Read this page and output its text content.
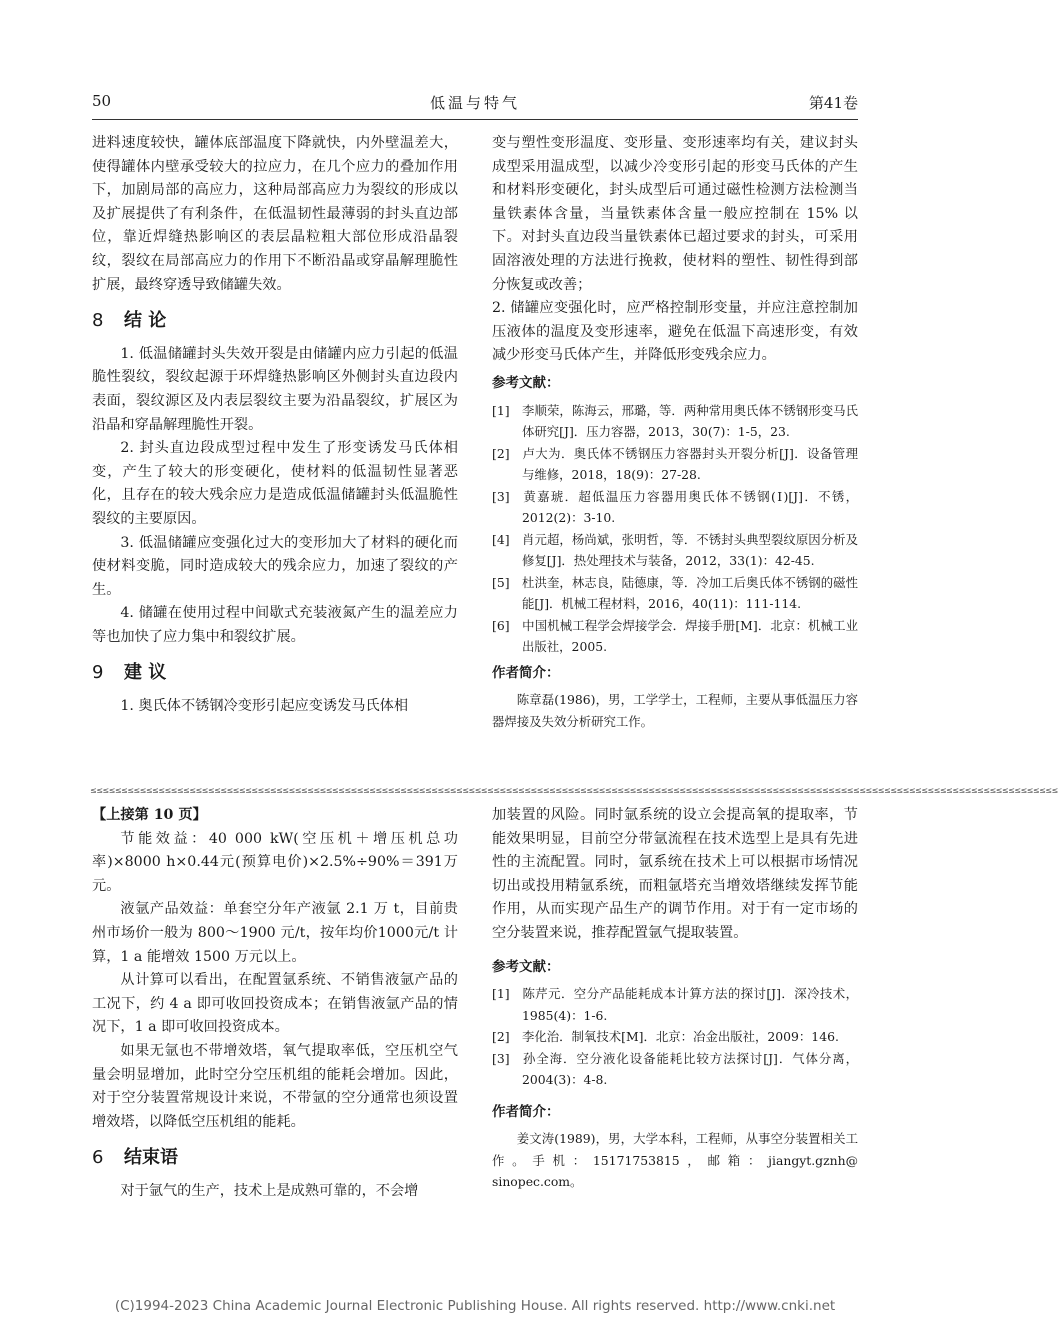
50	低温与特气	第41卷

进料速度较快，罐体底部温度下降就快，内外壁温差大，使得罐体内壁承受较大的拉应力，在几个应力的叠加作用下，加剧局部的高应力，这种局部高应力为裂纹的形成以及扩展提供了有利条件，在低温韧性最薄弱的封头直边部位，靠近焊缝热影响区的表层晶粒粗大部位形成沿晶裂纹，裂纹在局部高应力的作用下不断沿晶或穿晶解理脆性扩展，最终穿透导致储罐失效。

8 结 论

1. 低温储罐封头失效开裂是由储罐内应力引起的低温脆性裂纹，裂纹起源于环焊缝热影响区外侧封头直边段内表面，裂纹源区及内表层裂纹主要为沿晶裂纹，扩展区为沿晶和穿晶解理脆性开裂。

2. 封头直边段成型过程中发生了形变诱发马氏体相变，产生了较大的形变硬化，使材料的低温韧性显著恶化，且存在的较大残余应力是造成低温储罐封头低温脆性裂纹的主要原因。

3. 低温储罐应变强化过大的变形加大了材料的硬化而使材料变脆，同时造成较大的残余应力，加速了裂纹的产生。

4. 储罐在使用过程中间歇式充装液氮产生的温差应力等也加快了应力集中和裂纹扩展。

9 建 议

1. 奥氏体不锈钢冷变形引起应变诱发马氏体相

变与塑性变形温度、变形量、变形速率均有关，建议封头成型采用温成型，以减少冷变形引起的形变马氏体的产生和材料形变硬化，封头成型后可通过磁性检测方法检测当量铁素体含量，当量铁素体含量一般应控制在 15% 以下。对封头直边段当量铁素体已超过要求的封头，可采用固溶液处理的方法进行挽救，使材料的塑性、韧性得到部分恢复或改善；

2. 储罐应变强化时，应严格控制形变量，并应注意控制加压液体的温度及变形速率，避免在低温下高速形变，有效减少形变马氏体产生，并降低形变残余应力。

参考文献：

[1] 李顺荣，陈海云，邢璐，等．两种常用奥氏体不锈钢形变马氏体研究[J]．压力容器，2013，30(7)：1-5，23.

[2] 卢大为．奥氏体不锈钢压力容器封头开裂分析[J]．设备管理与维修，2018，18(9)：27-28.

[3] 黄嘉琥．超低温压力容器用奥氏体不锈钢(Ⅰ)[J]．不锈，2012(2)：3-10.

[4] 肖元超，杨尚斌，张明哲，等．不锈封头典型裂纹原因分析及修复[J]．热处理技术与装备，2012，33(1)：42-45.

[5] 杜洪奎，林志良，陆德康，等．冷加工后奥氏体不锈钢的磁性能[J]．机械工程材料，2016，40(11)：111-114.

[6] 中国机械工程学会焊接学会．焊接手册[M]．北京：机械工业出版社，2005.

作者简介：

陈章磊(1986)，男，工学学士，工程师，主要从事低温压力容器焊接及失效分析研究工作。

≤≤≤≤≤≤≤≤≤≤≤≤≤≤≤≤≤≤≤≤≤≤≤≤≤≤≤≤≤≤≤≤≤≤≤≤≤≤≤≤≤≤≤≤≤≤≤≤≤≤≤≤≤≤≤≤≤≤≤≤≤≤≤≤≤≤≤≤≤≤≤≤≤≤≤≤≤≤≤≤≤≤≤≤≤≤≤≤≤≤≤≤≤≤≤≤≤≤≤≤≤≤≤≤≤≤≤≤≤≤≤≤≤≤≤≤≤≤≤≤≤≤≤≤≤≤≤≤≤≤≤≤≤≤≤≤≤≤≤≤≤≤≤≤≤≤≤≤≤≤≤≤≤≤≤≤

【上接第 10 页】

节能效益：40 000 kW(空压机＋增压机总功率)×8000 h×0.44元(预算电价)×2.5%÷90%＝391万元。

液氩产品效益：单套空分年产液氩 2.1 万 t，目前贵州市场价一般为 800～1900 元/t，按年均价1000元/t 计算，1 a 能增效 1500 万元以上。

从计算可以看出，在配置氩系统、不销售液氩产品的工况下，约 4 a 即可收回投资成本；在销售液氩产品的情况下，1 a 即可收回投资成本。

如果无氩也不带增效塔，氧气提取率低，空压机空气量会明显增加，此时空分空压机组的能耗会增加。因此，对于空分装置常规设计来说，不带氩的空分通常也须设置增效塔，以降低空压机组的能耗。

6 结束语

对于氩气的生产，技术上是成熟可靠的，不会增

加装置的风险。同时氩系统的设立会提高氧的提取率，节能效果明显，目前空分带氩流程在技术选型上是具有先进性的主流配置。同时，氩系统在技术上可以根据市场情况切出或投用精氩系统，而粗氩塔充当增效塔继续发挥节能作用，从而实现产品生产的调节作用。对于有一定市场的空分装置来说，推荐配置氩气提取装置。

参考文献：

[1] 陈芹元．空分产品能耗成本计算方法的探讨[J]．深冷技术，1985(4)：1-6.

[2] 李化治．制氧技术[M]．北京：冶金出版社，2009：146.

[3] 孙全海．空分液化设备能耗比较方法探讨[J]．气体分离，2004(3)：4-8.

作者简介：

姜文涛(1989)，男，大学本科，工程师，从事空分装置相关工作。手机：15171753815，邮箱：jiangyt.gznh@ sinopec.com。

(C)1994-2023 China Academic Journal Electronic Publishing House. All rights reserved. http://www.cnki.net
